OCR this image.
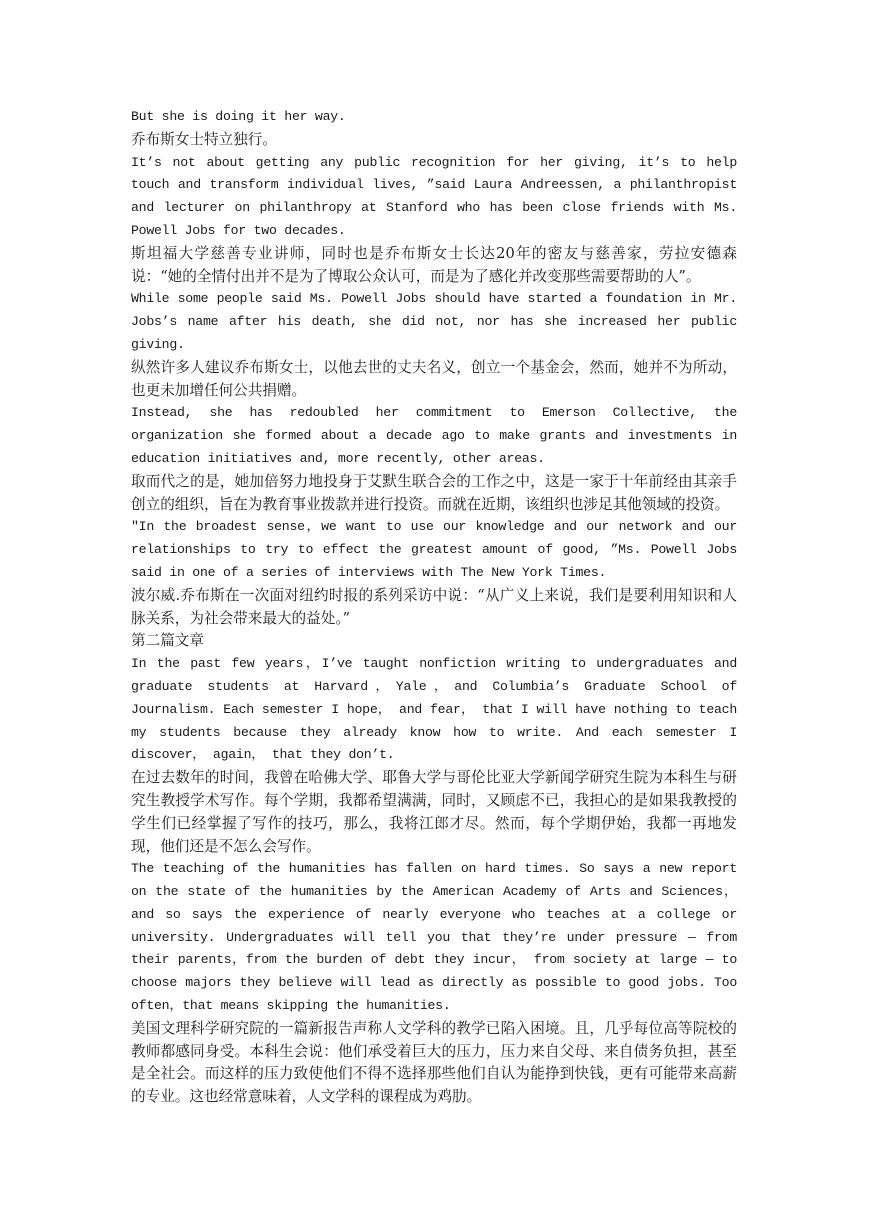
But she is doing it her way.

乔布斯女士特立独行。

It’s not about getting any public recognition for her giving, it’s to help touch and transform individual lives, ”said Laura Andreessen, a philanthropist and lecturer on philanthropy at Stanford who has been close friends with Ms. Powell Jobs for two decades.

斯坦福大学慈善专业讲师，同时也是乔布斯女士长达20年的密友与慈善家，劳拉安德森说：“她的全情付出并不是为了博取公众认可，而是为了感化并改变那些需要帮助的人”。

While some people said Ms. Powell Jobs should have started a foundation in Mr. Jobs’s name after his death, she did not, nor has she increased her public giving.

纵然许多人建议乔布斯女士，以他去世的丈夫名义，创立一个基金会，然而，她并不为所动，也更未加增任何公共捐赠。

Instead, she has redoubled her commitment to Emerson Collective, the organization she formed about a decade ago to make grants and investments in education initiatives and, more recently, other areas.

取而代之的是，她加倍努力地投身于艾默生联合会的工作之中，这是一家于十年前经由其亲手创立的组织，旨在为教育事业拨款并进行投资。而就在近期，该组织也涉足其他领域的投资。

"In the broadest sense，we want to use our knowledge and our network and our relationships to try to effect the greatest amount of good, ”Ms. Powell Jobs said in one of a series of interviews with The New York Times.

波尔威.乔布斯在一次面对纽约时报的系列采访中说：“从广义上来说，我们是要利用知识和人脉关系，为社会带来最大的益处。”

第二篇文章

In the past few years，I’ve taught nonfiction writing to undergraduates and graduate students at Harvard，Yale，and Columbia’s Graduate School of Journalism. Each semester I hope， and fear， that I will have nothing to teach my students because they already know how to write. And each semester I discover， again， that they don’t.

在过去数年的时间，我曾在哈佛大学、耶鲁大学与哥伦比亚大学新闻学研究生院为本科生与研究生教授学术写作。每个学期，我都希望满满，同时，又顾虑不已，我担心的是如果我教授的学生们已经掌握了写作的技巧，那么，我将江郎才尽。然而，每个学期伊始，我都一再地发现，他们还是不怎么会写作。

The teaching of the humanities has fallen on hard times. So says a new report on the state of the humanities by the American Academy of Arts and Sciences， and so says the experience of nearly everyone who teaches at a college or university. Undergraduates will tell you that they’re under pressure — from their parents，from the burden of debt they incur， from society at large — to choose majors they believe will lead as directly as possible to good jobs. Too often，that means skipping the humanities.

美国文理科学研究院的一篇新报告声称人文学科的教学已陷入困境。且，几乎每位高等院校的教师都感同身受。本科生会说：他们承受着巨大的压力，压力来自父母、来自债务负担，甚至是全社会。而这样的压力致使他们不得不选择那些他们自认为能挣到快钱，更有可能带来高薪的专业。这也经常意味着，人文学科的课程成为鸡肋。
